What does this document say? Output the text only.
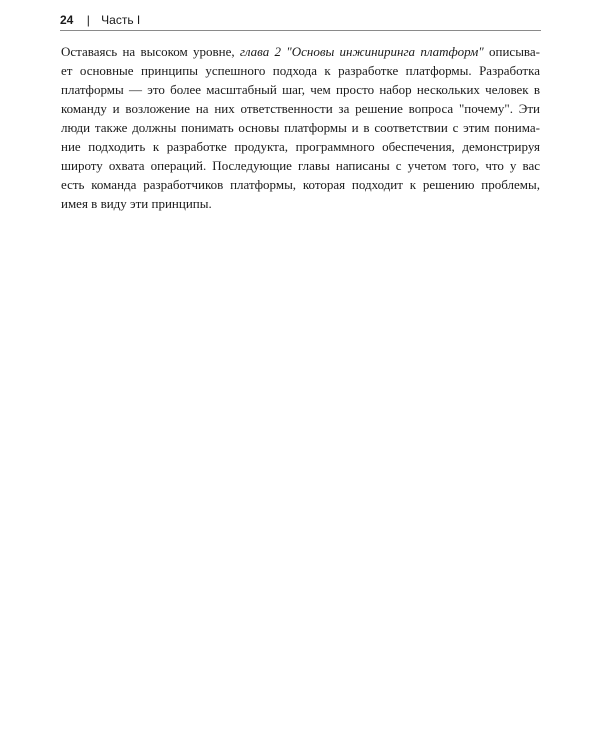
24 | Часть I

Оставаясь на высоком уровне, глава 2 "Основы инжиниринга платформ" описыва-
ет основные принципы успешного подхода к разработке платформы. Разработка
платформы — это более масштабный шаг, чем просто набор нескольких человек в
команду и возложение на них ответственности за решение вопроса "почему". Эти
люди также должны понимать основы платформы и в соответствии с этим понима-
ние подходить к разработке продукта, программного обеспечения, демонстрируя
широту охвата операций. Последующие главы написаны с учетом того, что у вас
есть команда разработчиков платформы, которая подходит к решению проблемы,
имея в виду эти принципы.
